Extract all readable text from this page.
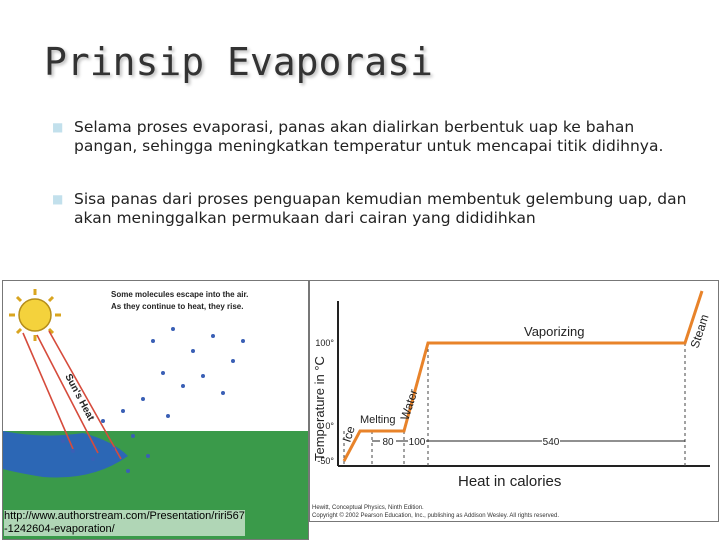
Prinsip Evaporasi
■ Selama proses evaporasi, panas akan dialirkan berbentuk uap ke bahan pangan, sehingga meningkatkan temperatur untuk mencapai titik didihnya.
■ Sisa panas dari proses penguapan kemudian membentuk gelembung uap, dan akan meninggalkan permukaan dari cairan yang dididihkan
Sun's Heat
Some molecules escape into the air.
As they continue to heat, they rise.
Temperature in °C
100°
0°
-50°
Ice
Melting Water
Vaporizing	Steam
80 100	540
Heat in calories
Hewitt, Conceptual Physics, Ninth Edition.
Copyright © 2002 Pearson Education, Inc., publishing as Addison Wesley. All rights reserved.
http://www.authorstream.com/Presentation/riri567
-1242604-evaporation/
